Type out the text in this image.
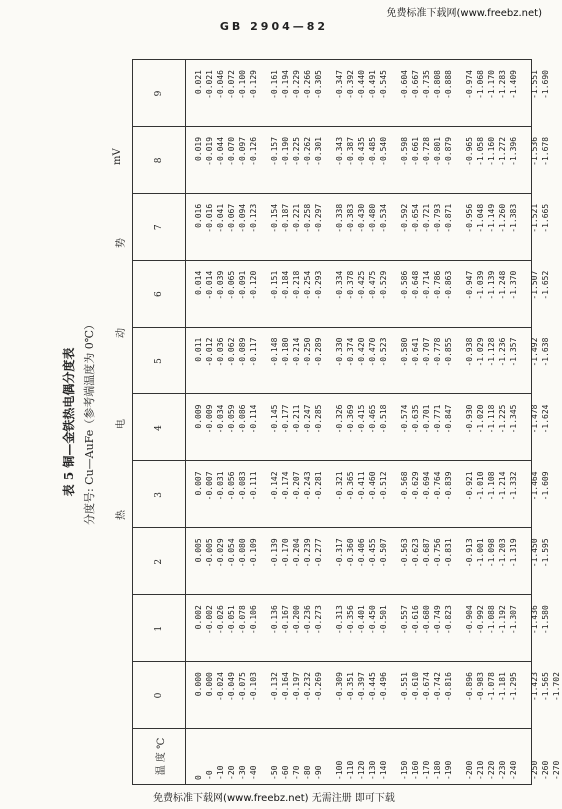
免费标准下载网(www.freebz.net)
GB 2904—82
表 5 铜—金铁热电偶分度表 分度号: Cu—AuFe（参考端温度为 0℃）	热
电
动
势
mV
温 度 ℃
0
1
2
3
4
5
6
7
8
9
0
0.000
0.002
0.005
0.007
0.009
0.011
0.014
0.016
0.019
0.021
-0
0.000
-0.002
-0.005
-0.007
-0.009
-0.012
-0.014
-0.016
-0.019
-0.021
-10
-0.024
-0.026
-0.029
-0.031
-0.034
-0.036
-0.039
-0.041
-0.044
-0.046
-20
-0.049
-0.051
-0.054
-0.056
-0.059
-0.062
-0.065
-0.067
-0.070
-0.072
-30
-0.075
-0.078
-0.080
-0.083
-0.086
-0.089
-0.091
-0.094
-0.097
-0.100
-40
-0.103
-0.106
-0.109
-0.111
-0.114
-0.117
-0.120
-0.123
-0.126
-0.129
-50
-0.132
-0.136
-0.139
-0.142
-0.145
-0.148
-0.151
-0.154
-0.157
-0.161
-60
-0.164
-0.167
-0.170
-0.174
-0.177
-0.180
-0.184
-0.187
-0.190
-0.194
-70
-0.197
-0.200
-0.204
-0.207
-0.211
-0.214
-0.218
-0.221
-0.225
-0.229
-80
-0.232
-0.236
-0.239
-0.243
-0.247
-0.250
-0.254
-0.258
-0.262
-0.266
-90
-0.269
-0.273
-0.277
-0.281
-0.285
-0.289
-0.293
-0.297
-0.301
-0.305
-100
-0.309
-0.313
-0.317
-0.321
-0.326
-0.330
-0.334
-0.338
-0.343
-0.347
-110
-0.351
-0.356
-0.360
-0.365
-0.369
-0.374
-0.378
-0.383
-0.387
-0.392
-120
-0.397
-0.401
-0.406
-0.411
-0.415
-0.420
-0.425
-0.430
-0.435
-0.440
-130
-0.445
-0.450
-0.455
-0.460
-0.465
-0.470
-0.475
-0.480
-0.485
-0.491
-140
-0.496
-0.501
-0.507
-0.512
-0.518
-0.523
-0.529
-0.534
-0.540
-0.545
-150
-0.551
-0.557
-0.563
-0.568
-0.574
-0.580
-0.586
-0.592
-0.598
-0.604
-160
-0.610
-0.616
-0.623
-0.629
-0.635
-0.641
-0.648
-0.654
-0.661
-0.667
-170
-0.674
-0.680
-0.687
-0.694
-0.701
-0.707
-0.714
-0.721
-0.728
-0.735
-180
-0.742
-0.749
-0.756
-0.764
-0.771
-0.778
-0.786
-0.793
-0.801
-0.808
-190
-0.816
-0.823
-0.831
-0.839
-0.847
-0.855
-0.863
-0.871
-0.879
-0.888
-200
-0.896
-0.904
-0.913
-0.921
-0.930
-0.938
-0.947
-0.956
-0.965
-0.974
-210
-0.983
-0.992
-1.001
-1.010
-1.020
-1.029
-1.039
-1.048
-1.058
-1.068
-220
-1.078
-1.088
-1.098
-1.108
-1.118
-1.128
-1.139
-1.149
-1.160
-1.170
-230
-1.181
-1.192
-1.203
-1.214
-1.225
-1.236
-1.248
-1.260
-1.272
-1.283
-240
-1.295
-1.307
-1.319
-1.332
-1.345
-1.357
-1.370
-1.383
-1.396
-1.409
-250
-1.423
-1.436
-1.450
-1.464
-1.478
-1.492
-1.507
-1.521
-1.536
-1.551
-260
-1.565
-1.580
-1.595
-1.609
-1.624
-1.638
-1.652
-1.665
-1.678
-1.690
-270
-1.702
免费标准下载网(www.freebz.net) 无需注册 即可下载
